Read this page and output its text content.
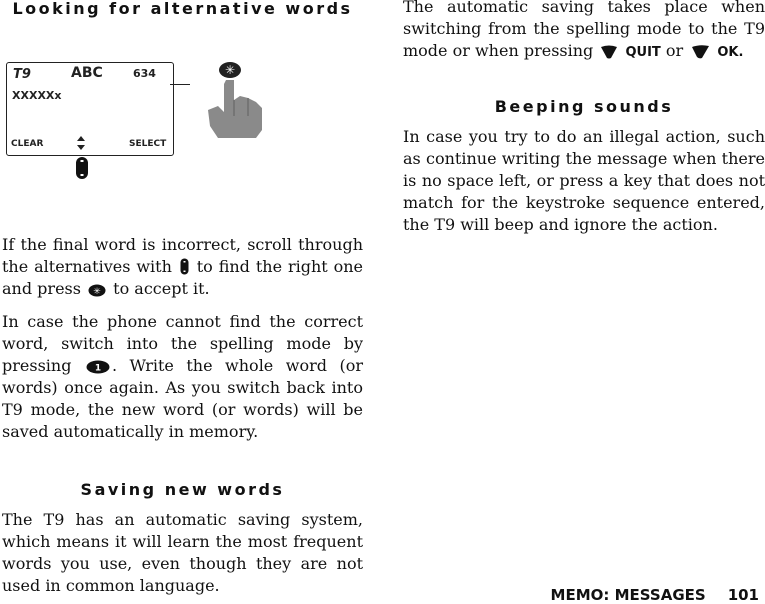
Looking for alternative words
T9	ABC	634
XXXXXx
CLEAR	SELECT
✳

If the final word is incorrect, scroll through the alternatives with to find the right one and press ✳ to accept it.

In case the phone cannot find the correct word, switch into the spelling mode by pressing	1 . Write the whole word (or words) once again. As you switch back into T9 mode, the new word (or words) will be saved automatically in memory.

Saving new words

The T9 has an automatic saving system, which means it will learn the most frequent words you use, even though they are not used in common language.

The automatic saving takes place when switching from the spelling mode to the T9 mode or when pressing QUIT or	OK.

Beeping sounds

In case you try to do an illegal action, such as continue writing the message when there is no space left, or press a key that does not match for the keystroke sequence entered, the T9 will beep and ignore the action.

MEMO: MESSAGES 101
